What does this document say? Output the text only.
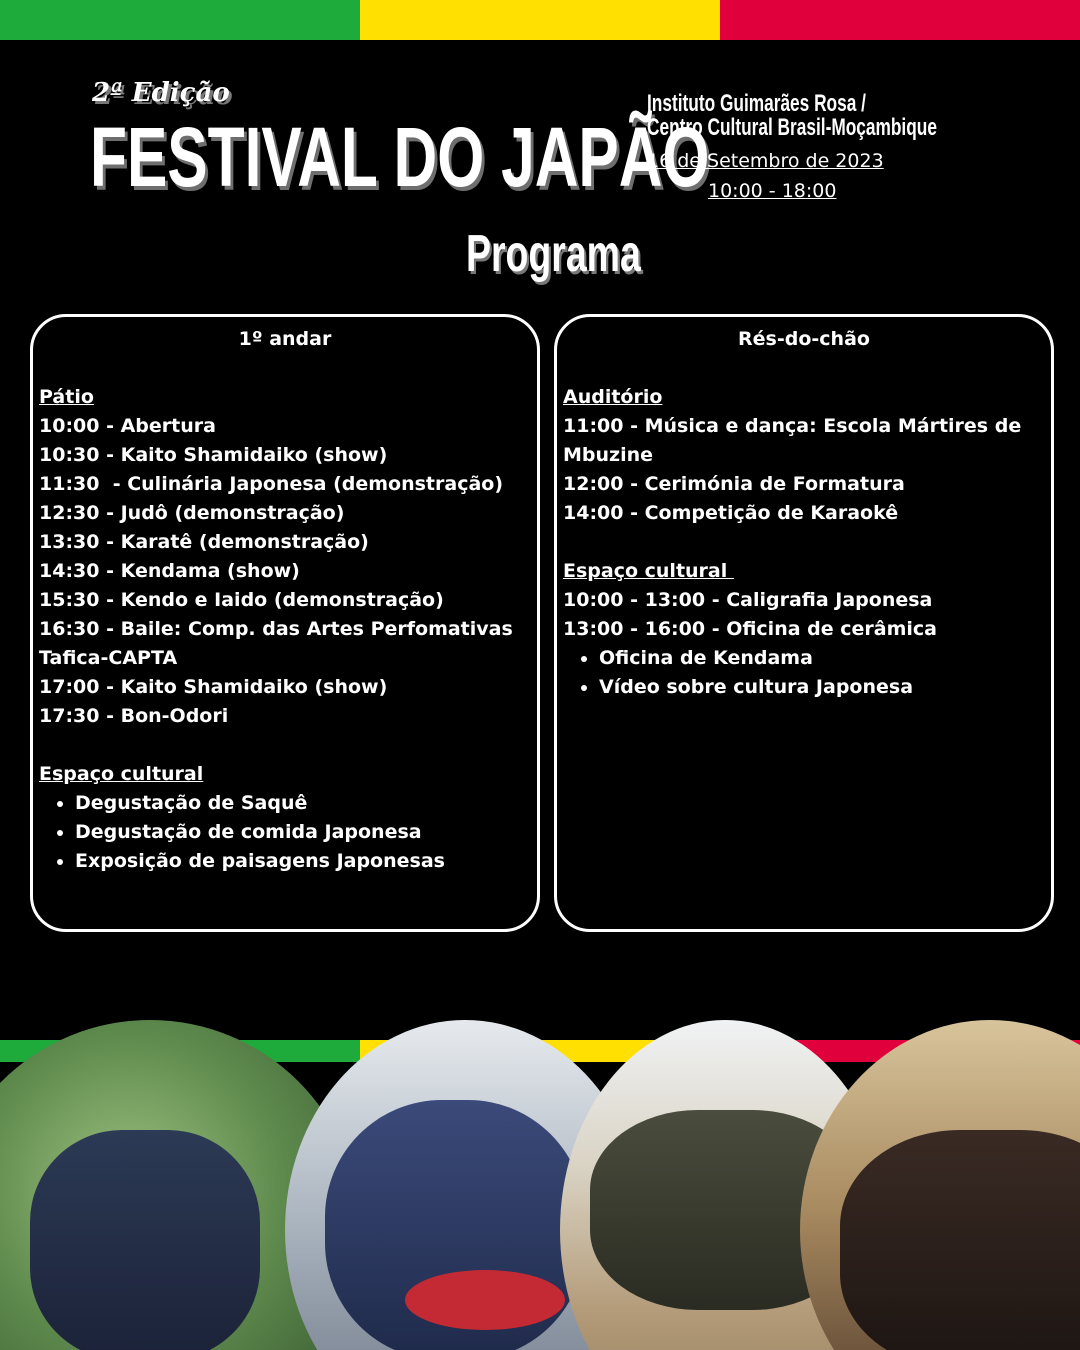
2ª Edição
FESTIVAL DO JAPÃO
Instituto Guimarães Rosa /
Centro Cultural Brasil-Moçambique
16 de Setembro de 2023
10:00 - 18:00
Programa
1º andar
Pátio
10:00 - Abertura
10:30 - Kaito Shamidaiko (show)
11:30  - Culinária Japonesa (demonstração)
12:30 - Judô (demonstração)
13:30 - Karatê (demonstração)
14:30 - Kendama (show)
15:30 - Kendo e Iaido (demonstração)
16:30 - Baile: Comp. das Artes Perfomativas Tafica-CAPTA
17:00 - Kaito Shamidaiko (show)
17:30 - Bon-Odori
Espaço cultural
• Degustação de Saquê
• Degustação de comida Japonesa
• Exposição de paisagens Japonesas
Rés-do-chão
Auditório
11:00 - Música e dança: Escola Mártires de Mbuzine
12:00 - Cerimónia de Formatura
14:00 - Competição de Karaokê
Espaço cultural
10:00 - 13:00 - Caligrafia Japonesa
13:00 - 16:00 - Oficina de cerâmica
• Oficina de Kendama
• Vídeo sobre cultura Japonesa
